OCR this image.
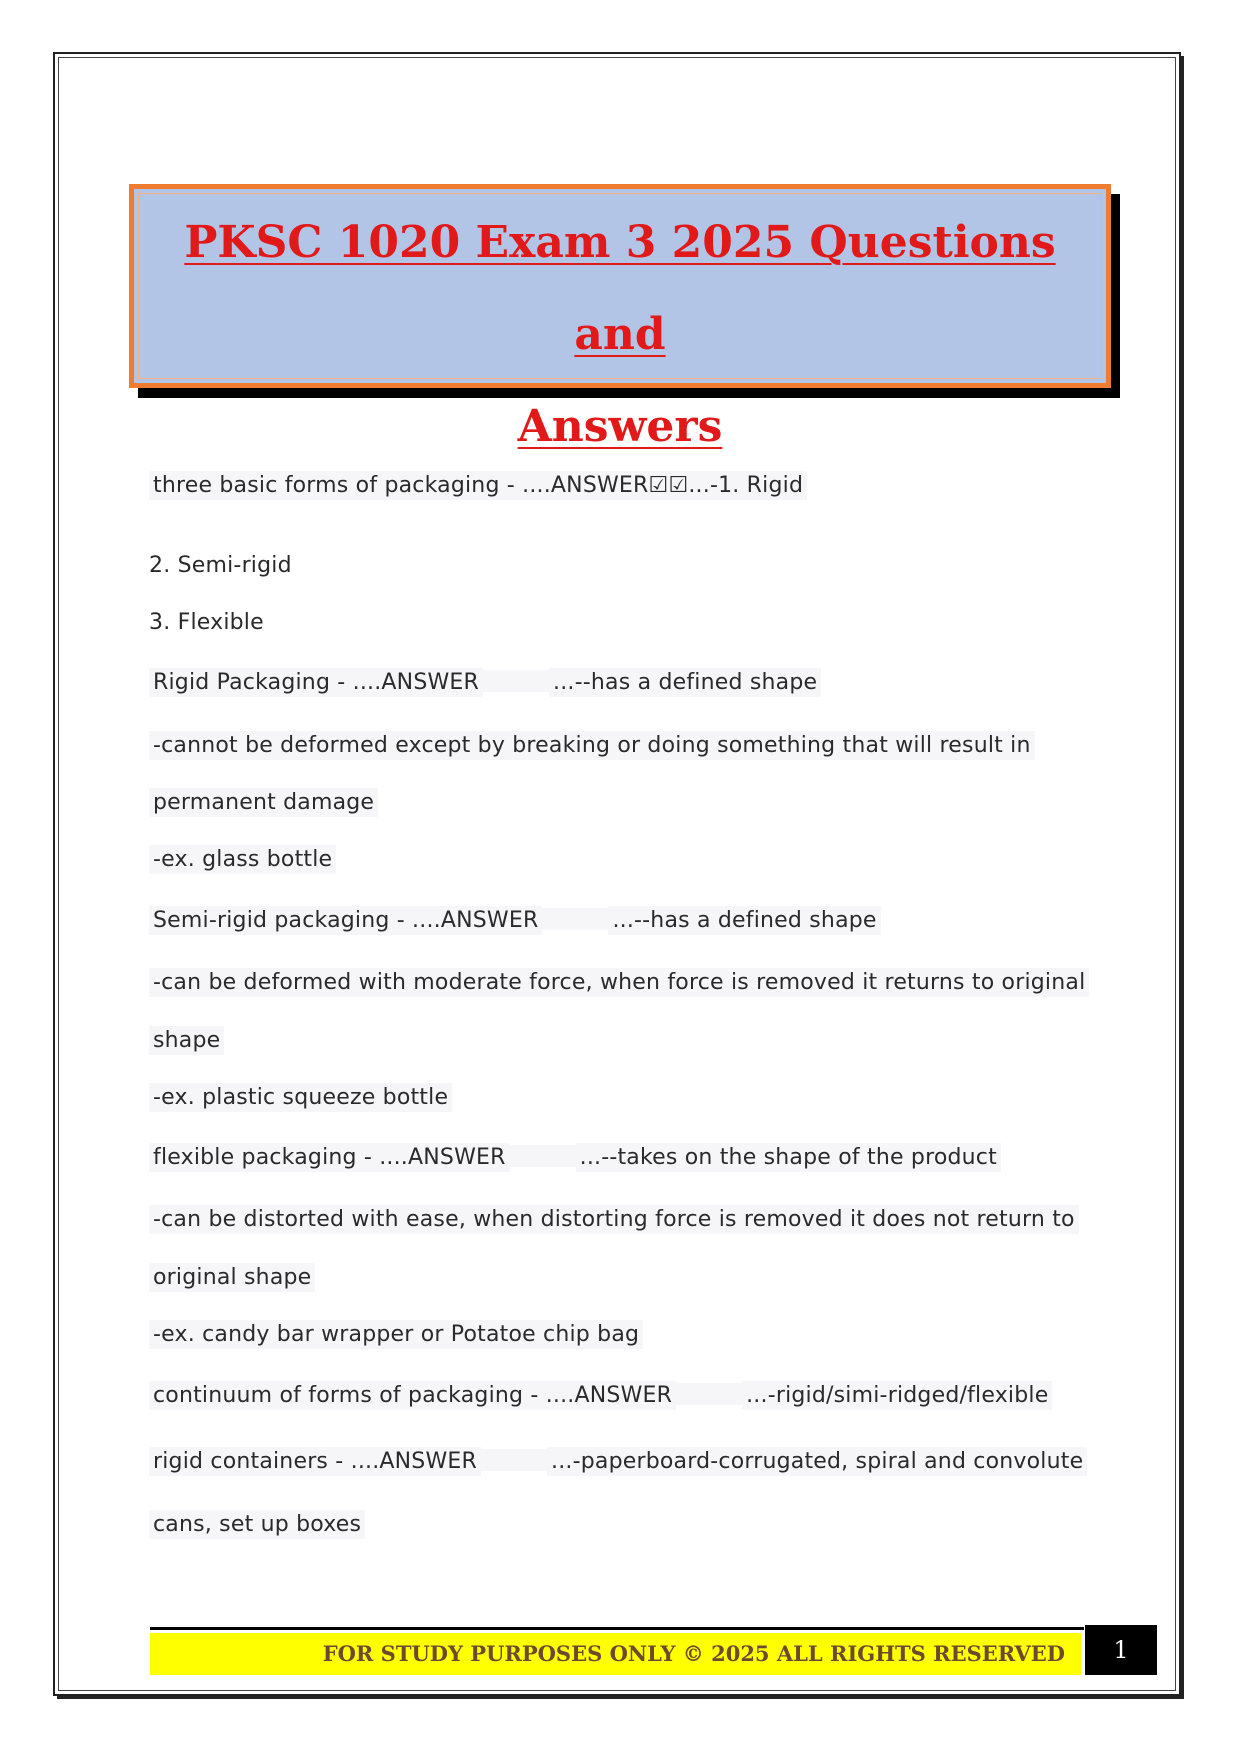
PKSC 1020 Exam 3 2025 Questions and
Answers
three basic forms of packaging - ....ANSWER☑☑...-1. Rigid
2. Semi-rigid
3. Flexible
Rigid Packaging - ....ANSWER	...--has a defined shape
-cannot be deformed except by breaking or doing something that will result in
permanent damage
-ex. glass bottle
Semi-rigid packaging - ....ANSWER	...--has a defined shape
-can be deformed with moderate force, when force is removed it returns to original
shape
-ex. plastic squeeze bottle
flexible packaging - ....ANSWER	...--takes on the shape of the product
-can be distorted with ease, when distorting force is removed it does not return to
original shape
-ex. candy bar wrapper or Potatoe chip bag
continuum of forms of packaging - ....ANSWER	...-rigid/simi-ridged/flexible
rigid containers - ....ANSWER	...-paperboard-corrugated, spiral and convolute
cans, set up boxes
FOR STUDY PURPOSES ONLY © 2025 ALL RIGHTS RESERVED	1
